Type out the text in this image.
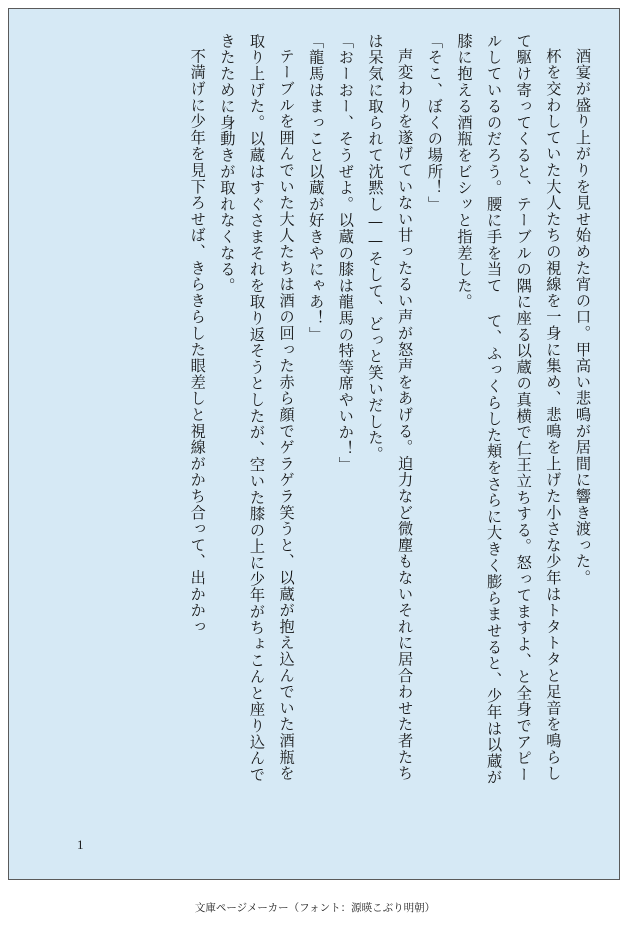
酒宴が盛り上がりを見せ始めた宵の口。甲高い悲鳴が居間に響き渡った。

杯を交わしていた大人たちの視線を一身に集め、悲鳴を上げた小さな少年はトタトタと足音を鳴らして駆け寄ってくると、テーブルの隅に座る以蔵の真横で仁王立ちする。怒ってますよ、と全身でアピールしているのだろう。腰に手を当て て、ふっくらした頬をさらに大きく膨らませると、少年は以蔵が膝に抱える酒瓶をビシッと指差した。

「そこ、ぼくの場所！」

声変わりを遂げていない甘ったるい声が怒声をあげる。迫力など微塵もないそれに居合わせた者たちは呆気に取られて沈黙し——そして、どっと笑いだした。

「おーおー、そうぜよ。以蔵の膝は龍馬の特等席やいか！」

「龍馬はまっこと以蔵が好きやにゃあ！」

テーブルを囲んでいた大人たちは酒の回った赤ら顔でゲラゲラ笑うと、以蔵が抱え込んでいた酒瓶を取り上げた。以蔵はすぐさまそれを取り返そうとしたが、空いた膝の上に少年がちょこんと座り込んできたために身動きが取れなくなる。

不満げに少年を見下ろせば、きらきらした眼差しと視線がかち合って、出かかっ

1
文庫ページメーカー（フォント：源暎こぶり明朝）
